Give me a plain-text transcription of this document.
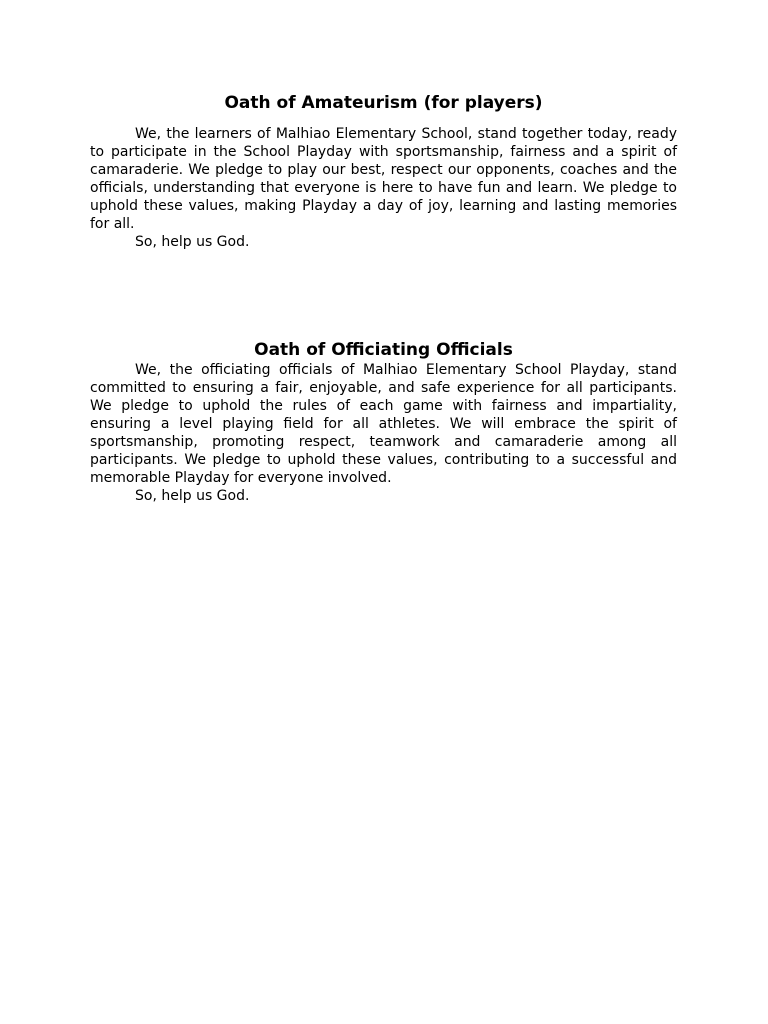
Oath of Amateurism (for players)

We, the learners of Malhiao Elementary School, stand together today, ready to participate in the School Playday with sportsmanship, fairness and a spirit of camaraderie. We pledge to play our best, respect our opponents, coaches and the officials, understanding that everyone is here to have fun and learn. We pledge to uphold these values, making Playday a day of joy, learning and lasting memories for all.

So, help us God.

Oath of Officiating Officials

We, the officiating officials of Malhiao Elementary School Playday, stand committed to ensuring a fair, enjoyable, and safe experience for all participants. We pledge to uphold the rules of each game with fairness and impartiality, ensuring a level playing field for all athletes. We will embrace the spirit of sportsmanship, promoting respect, teamwork and camaraderie among all participants. We pledge to uphold these values, contributing to a successful and memorable Playday for everyone involved.

So, help us God.
